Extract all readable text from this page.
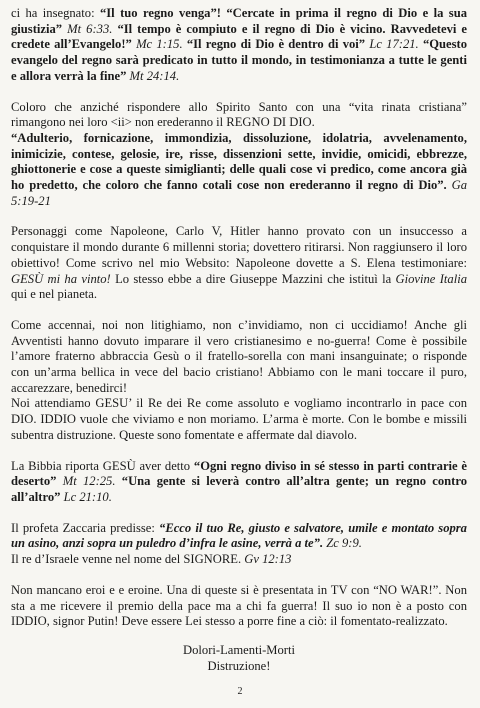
ci ha insegnato: “Il tuo regno venga”! “Cercate in prima il regno di Dio e la sua giustizia” Mt 6:33. “Il tempo è compiuto e il regno di Dio è vicino. Ravvedetevi e credete all’Evangelo!” Mc 1:15. “Il regno di Dio è dentro di voi” Lc 17:21. “Questo evangelo del regno sarà predicato in tutto il mondo, in testimonianza a tutte le genti e allora verrà la fine” Mt 24:14.

Coloro che anziché rispondere allo Spirito Santo con una “vita rinata cristiana” rimangono nei loro <ii> non erederanno il REGNO DI DIO.
“Adulterio, fornicazione, immondizia, dissoluzione, idolatria, avvelenamento, inimicizie, contese, gelosie, ire, risse, dissenzioni sette, invidie, omicidi, ebbrezze, ghiottonerie e cose a queste simiglianti; delle quali cose vi predico, come ancora già ho predetto, che coloro che fanno cotali cose non erederanno il regno di Dio”. Ga 5:19-21

Personaggi come Napoleone, Carlo V, Hitler hanno provato con un insuccesso a conquistare il mondo durante 6 millenni storia; dovettero ritirarsi. Non raggiunsero il loro obiettivo! Come scrivo nel mio Websito: Napoleone dovette a S. Elena testimoniare: GESÙ mi ha vinto! Lo stesso ebbe a dire Giuseppe Mazzini che istituì la Giovine Italia qui e nel pianeta.

Come accennai, noi non litighiamo, non c’invidiamo, non ci uccidiamo! Anche gli Avventisti hanno dovuto imparare il vero cristianesimo e no-guerra! Come è possibile l’amore fraterno abbraccia Gesù o il fratello-sorella con mani insanguinate; o risponde con un’arma bellica in vece del bacio cristiano! Abbiamo con le mani toccare il puro, accarezzare, benedirci!
Noi attendiamo GESU’ il Re dei Re come assoluto e vogliamo incontrarlo in pace con DIO. IDDIO vuole che viviamo e non moriamo. L’arma è morte. Con le bombe e missili subentra distruzione. Queste sono fomentate e affermate dal diavolo.

La Bibbia riporta GESÙ aver detto “Ogni regno diviso in sé stesso in parti contrarie è deserto” Mt 12:25. “Una gente si leverà contro all’altra gente; un regno contro all’altro” Lc 21:10.

Il profeta Zaccaria predisse: “Ecco il tuo Re, giusto e salvatore, umile e montato sopra un asino, anzi sopra un puledro d’infra le asine, verrà a te”. Zc 9:9.
Il re d’Israele venne nel nome del SIGNORE. Gv 12:13

Non mancano eroi e e eroine. Una di queste si è presentata in TV con “NO WAR!”. Non sta a me ricevere il premio della pace ma a chi fa guerra! Il suo io non è a posto con IDDIO, signor Putin! Deve essere Lei stesso a porre fine a ciò: il fomentato-realizzato.

Dolori-Lamenti-Morti

Distruzione!

2
